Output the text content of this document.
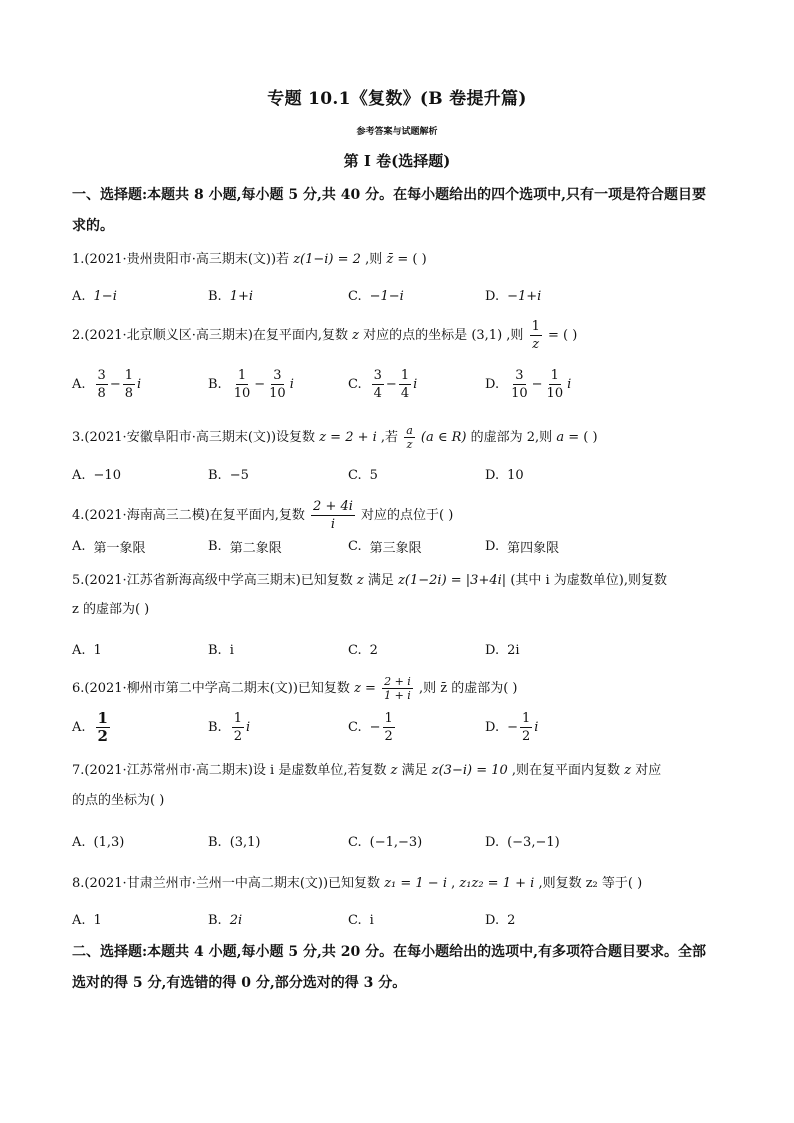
专题 10.1《复数》(B 卷提升篇)
参考答案与试题解析
第 I 卷(选择题)
一、选择题:本题共 8 小题,每小题 5 分,共 40 分。在每小题给出的四个选项中,只有一项是符合题目要
求的。
1.(2021·贵州贵阳市·高三期末(文))若 z(1−i) = 2 ,则 z̄ = ( )
A. 1−i	B. 1+i	C. −1−i	D. −1+i
2.(2021·北京顺义区·高三期末)在复平面内,复数 z 对应的点的坐标是 (3,1) ,则 $\frac{1}{z}$ = ( )
A.
3
8
− $\frac{1}{8}$ i	B.
1
10
− $\frac{3}{10}$ i	C.
3
4
− $\frac{1}{4}$ i	D.
3
10
− $\frac{1}{10}$ i
3.(2021·安徽阜阳市·高三期末(文))设复数 z = 2 + i ,若 $\frac{a}{z} (a$ ∈ R) 的虚部为 2,则 a = ( )
A. −10	B. −5	C. 5	D. 10
4.(2021·海南高三二模)在复平面内,复数 $\frac{2 + 4i}{i}$ 对应的点位于( )
A. 第一象限	B. 第二象限	C. 第三象限	D. 第四象限
5.(2021·江苏省新海高级中学高三期末)已知复数 z 满足 z(1−2i) = |3+4i| (其中 i 为虚数单位),则复数
z 的虚部为( )
A. 1	B. i	C. 2	D. 2i
6.(2021·柳州市第二中学高二期末(文))已知复数 $z = \frac{2 + i}{1 + i}$ ,则 z̄ 的虚部为( )
A.
1
2	B.
1
2
i	C. − $\frac{1}{2}$	D. − $\frac{1}{2}$ i
7.(2021·江苏常州市·高二期末)设 i 是虚数单位,若复数 z 满足 z(3−i) = 10 ,则在复平面内复数 z 对应
的点的坐标为( )
A. (1,3)	B. (3,1)	C. (−1,−3)	D. (−3,−1)
8.(2021·甘肃兰州市·兰州一中高二期末(文))已知复数 z₁ = 1 − i , z₁z₂ = 1 + i ,则复数 z₂ 等于( )
A. 1	B. 2i	C. i	D. 2
二、选择题:本题共 4 小题,每小题 5 分,共 20 分。在每小题给出的选项中,有多项符合题目要求。全部
选对的得 5 分,有选错的得 0 分,部分选对的得 3 分。
